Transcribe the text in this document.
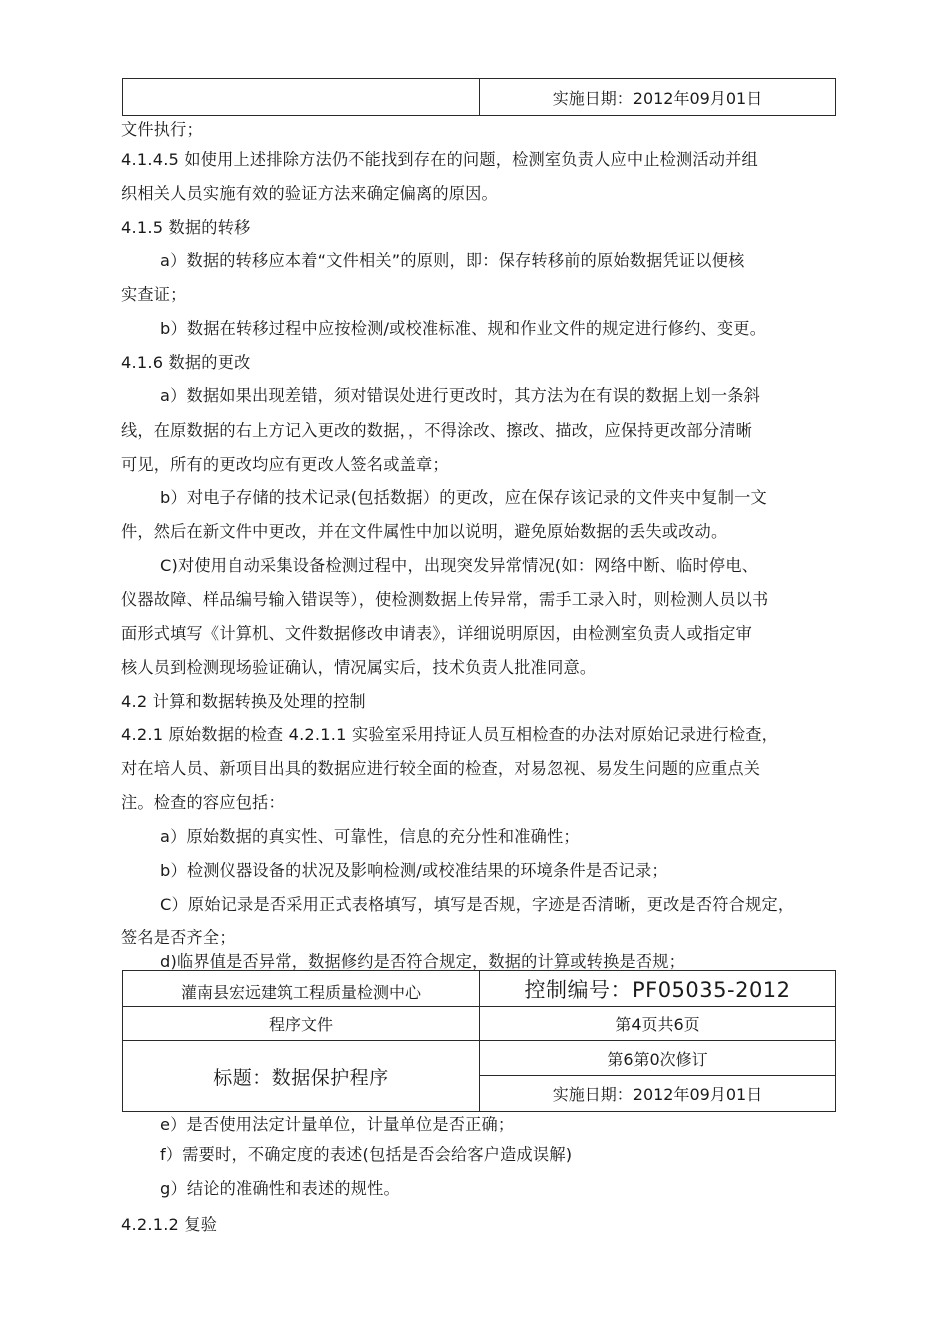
	实施日期：2012年09月01日
文件执行；
4.1.4.5 如使用上述排除方法仍不能找到存在的问题，检测室负责人应中止检测活动并组
织相关人员实施有效的验证方法来确定偏离的原因。
4.1.5 数据的转移
a）数据的转移应本着“文件相关”的原则，即：保存转移前的原始数据凭证以便核
实查证；
b）数据在转移过程中应按检测/或校准标准、规和作业文件的规定进行修约、变更。
4.1.6 数据的更改
a）数据如果出现差错，须对错误处进行更改时，其方法为在有误的数据上划一条斜
线，在原数据的右上方记入更改的数据，，不得涂改、擦改、描改，应保持更改部分清晰
可见，所有的更改均应有更改人签名或盖章；
b）对电子存储的技术记录(包括数据）的更改，应在保存该记录的文件夹中复制一文
件，然后在新文件中更改，并在文件属性中加以说明，避免原始数据的丢失或改动。
C)对使用自动采集设备检测过程中，出现突发异常情况(如：网络中断、临时停电、
仪器故障、样品编号输入错误等），使检测数据上传异常，需手工录入时，则检测人员以书
面形式填写《计算机、文件数据修改申请表》，详细说明原因，由检测室负责人或指定审
核人员到检测现场验证确认，情况属实后，技术负责人批准同意。
4.2 计算和数据转换及处理的控制
4.2.1 原始数据的检查 4.2.1.1 实验室采用持证人员互相检查的办法对原始记录进行检查，
对在培人员、新项目出具的数据应进行较全面的检查，对易忽视、易发生问题的应重点关
注。检查的容应包括：
a）原始数据的真实性、可靠性，信息的充分性和准确性；
b）检测仪器设备的状况及影响检测/或校准结果的环境条件是否记录；
C）原始记录是否采用正式表格填写，填写是否规，字迹是否清晰，更改是否符合规定，
签名是否齐全；
d)临界值是否异常，数据修约是否符合规定，数据的计算或转换是否规；
灌南县宏远建筑工程质量检测中心	控制编号：PF05035-2012
程序文件	第4页共6页
标题：数据保护程序	第6第0次修订
	实施日期：2012年09月01日
e）是否使用法定计量单位，计量单位是否正确；
f）需要时，不确定度的表述(包括是否会给客户造成误解)
g）结论的准确性和表述的规性。
4.2.1.2 复验
